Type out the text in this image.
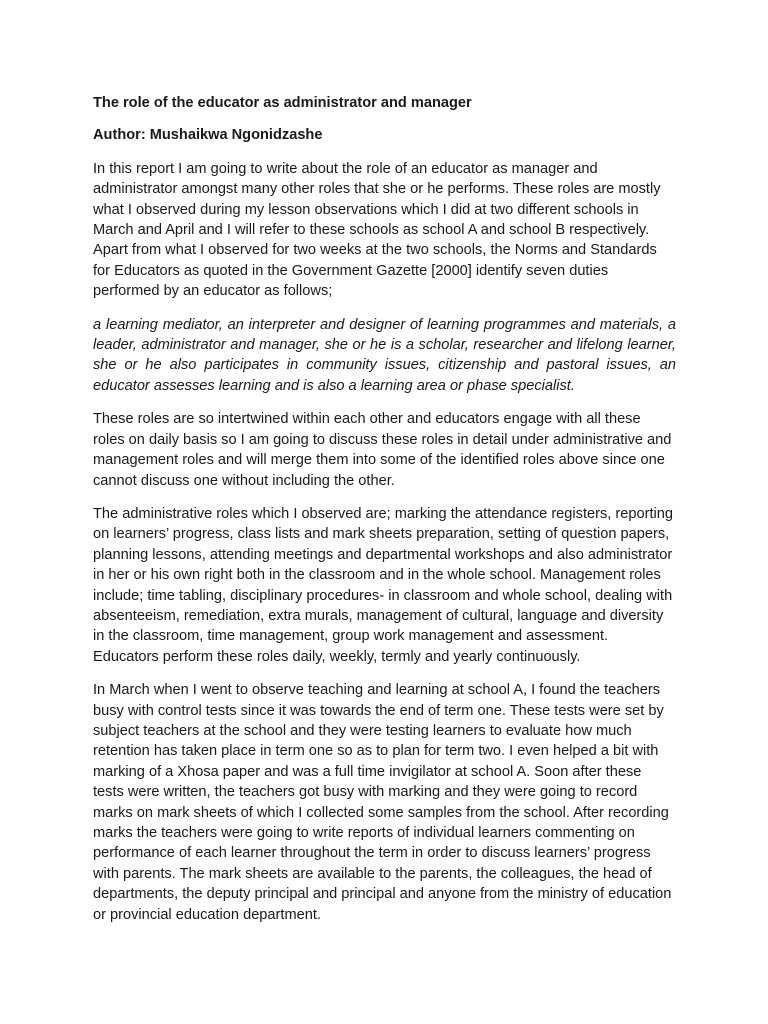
The role of the educator as administrator and manager
Author: Mushaikwa Ngonidzashe

In this report I am going to write about the role of an educator as manager and administrator amongst many other roles that she or he performs. These roles are mostly what I observed during my lesson observations which I did at two different schools in March and April and I will refer to these schools as school A and school B respectively. Apart from what I observed for two weeks at the two schools, the Norms and Standards for Educators as quoted in the Government Gazette [2000] identify seven duties performed by an educator as follows;

a learning mediator, an interpreter and designer of learning programmes and materials, a leader, administrator and manager, she or he is a scholar, researcher and lifelong learner, she or he also participates in community issues, citizenship and pastoral issues, an educator assesses learning and is also a learning area or phase specialist.

These roles are so intertwined within each other and educators engage with all these roles on daily basis so I am going to discuss these roles in detail under administrative and management roles and will merge them into some of the identified roles above since one cannot discuss one without including the other.

The administrative roles which I observed are; marking the attendance registers, reporting on learners’ progress, class lists and mark sheets preparation, setting of question papers, planning lessons, attending meetings and departmental workshops and also administrator in her or his own right both in the classroom and in the whole school. Management roles include; time tabling, disciplinary procedures- in classroom and whole school, dealing with absenteeism, remediation, extra murals, management of cultural, language and diversity in the classroom, time management, group work management and assessment. Educators perform these roles daily, weekly, termly and yearly continuously.

In March when I went to observe teaching and learning at school A, I found the teachers busy with control tests since it was towards the end of term one. These tests were set by subject teachers at the school and they were testing learners to evaluate how much retention has taken place in term one so as to plan for term two. I even helped a bit with marking of a Xhosa paper and was a full time invigilator at school A. Soon after these tests were written, the teachers got busy with marking and they were going to record marks on mark sheets of which I collected some samples from the school. After recording marks the teachers were going to write reports of individual learners commenting on performance of each learner throughout the term in order to discuss learners’ progress with parents. The mark sheets are available to the parents, the colleagues, the head of departments, the deputy principal and principal and anyone from the ministry of education or provincial education department.
